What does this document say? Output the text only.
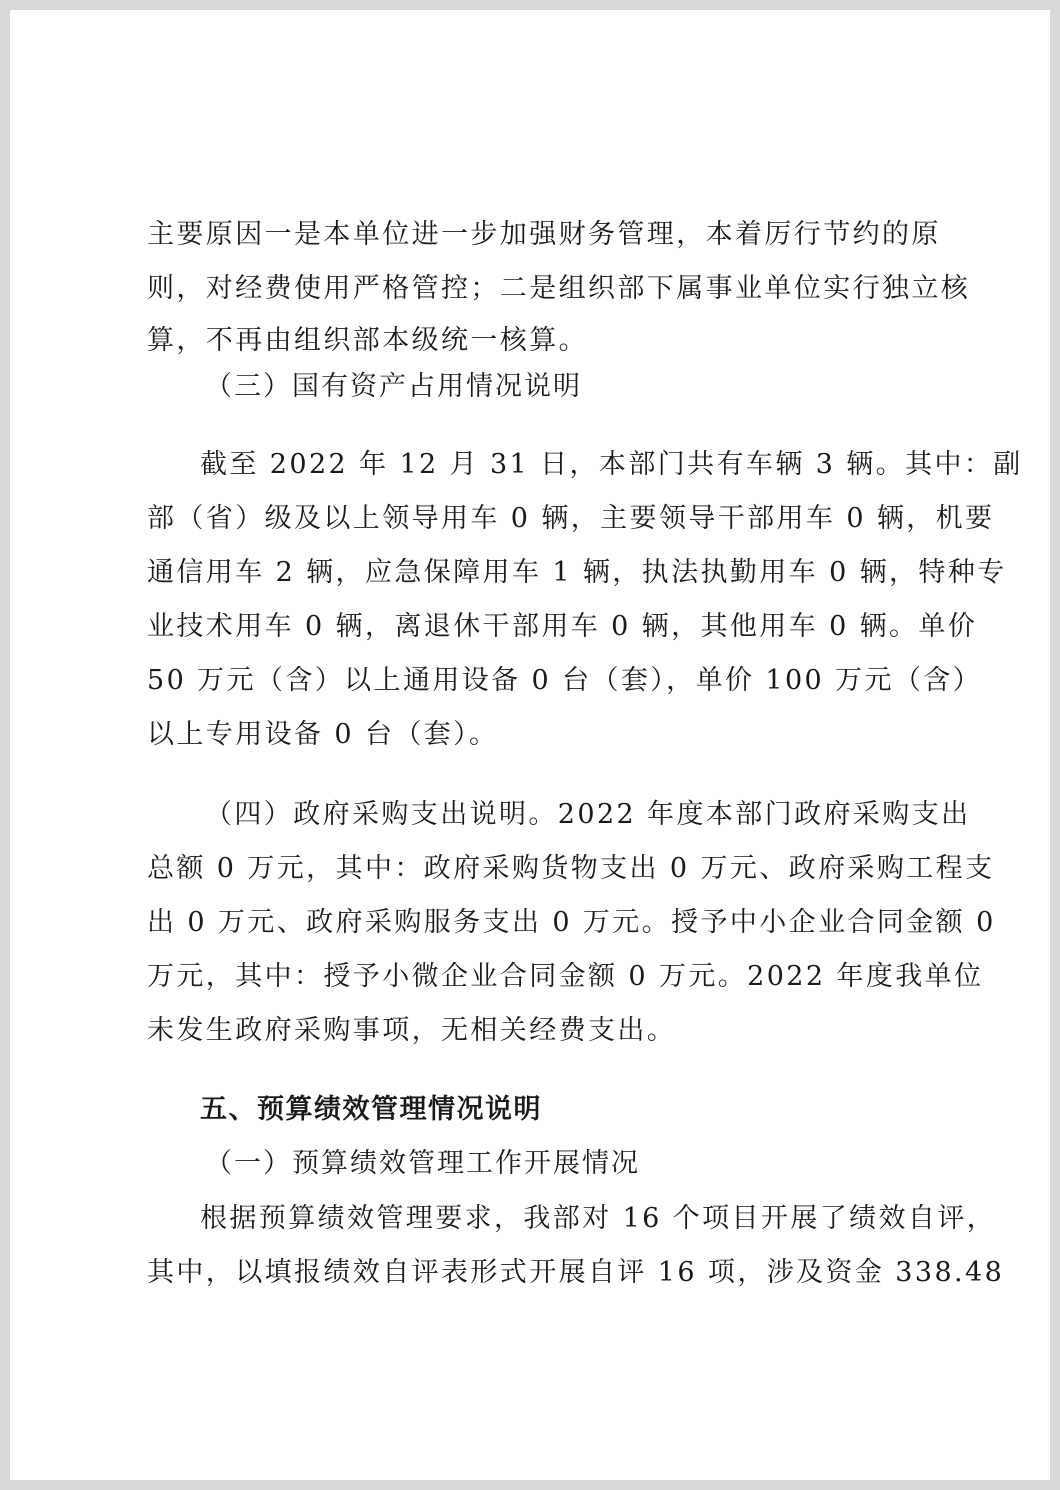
主要原因一是本单位进一步加强财务管理，本着厉行节约的原

则，对经费使用严格管控；二是组织部下属事业单位实行独立核

算，不再由组织部本级统一核算。

（三）国有资产占用情况说明

截至 2022 年 12 月 31 日，本部门共有车辆 3 辆。其中：副

部（省）级及以上领导用车 0 辆，主要领导干部用车 0 辆，机要

通信用车 2 辆，应急保障用车 1 辆，执法执勤用车 0 辆，特种专

业技术用车 0 辆，离退休干部用车 0 辆，其他用车 0 辆。单价

50 万元（含）以上通用设备 0 台（套），单价 100 万元（含）

以上专用设备 0 台（套）。

（四）政府采购支出说明。2022 年度本部门政府采购支出

总额 0 万元，其中：政府采购货物支出 0 万元、政府采购工程支

出 0 万元、政府采购服务支出 0 万元。授予中小企业合同金额 0

万元，其中：授予小微企业合同金额 0 万元。2022 年度我单位

未发生政府采购事项，无相关经费支出。

五、预算绩效管理情况说明

（一）预算绩效管理工作开展情况

根据预算绩效管理要求，我部对 16 个项目开展了绩效自评，

其中，以填报绩效自评表形式开展自评 16 项，涉及资金 338.48
